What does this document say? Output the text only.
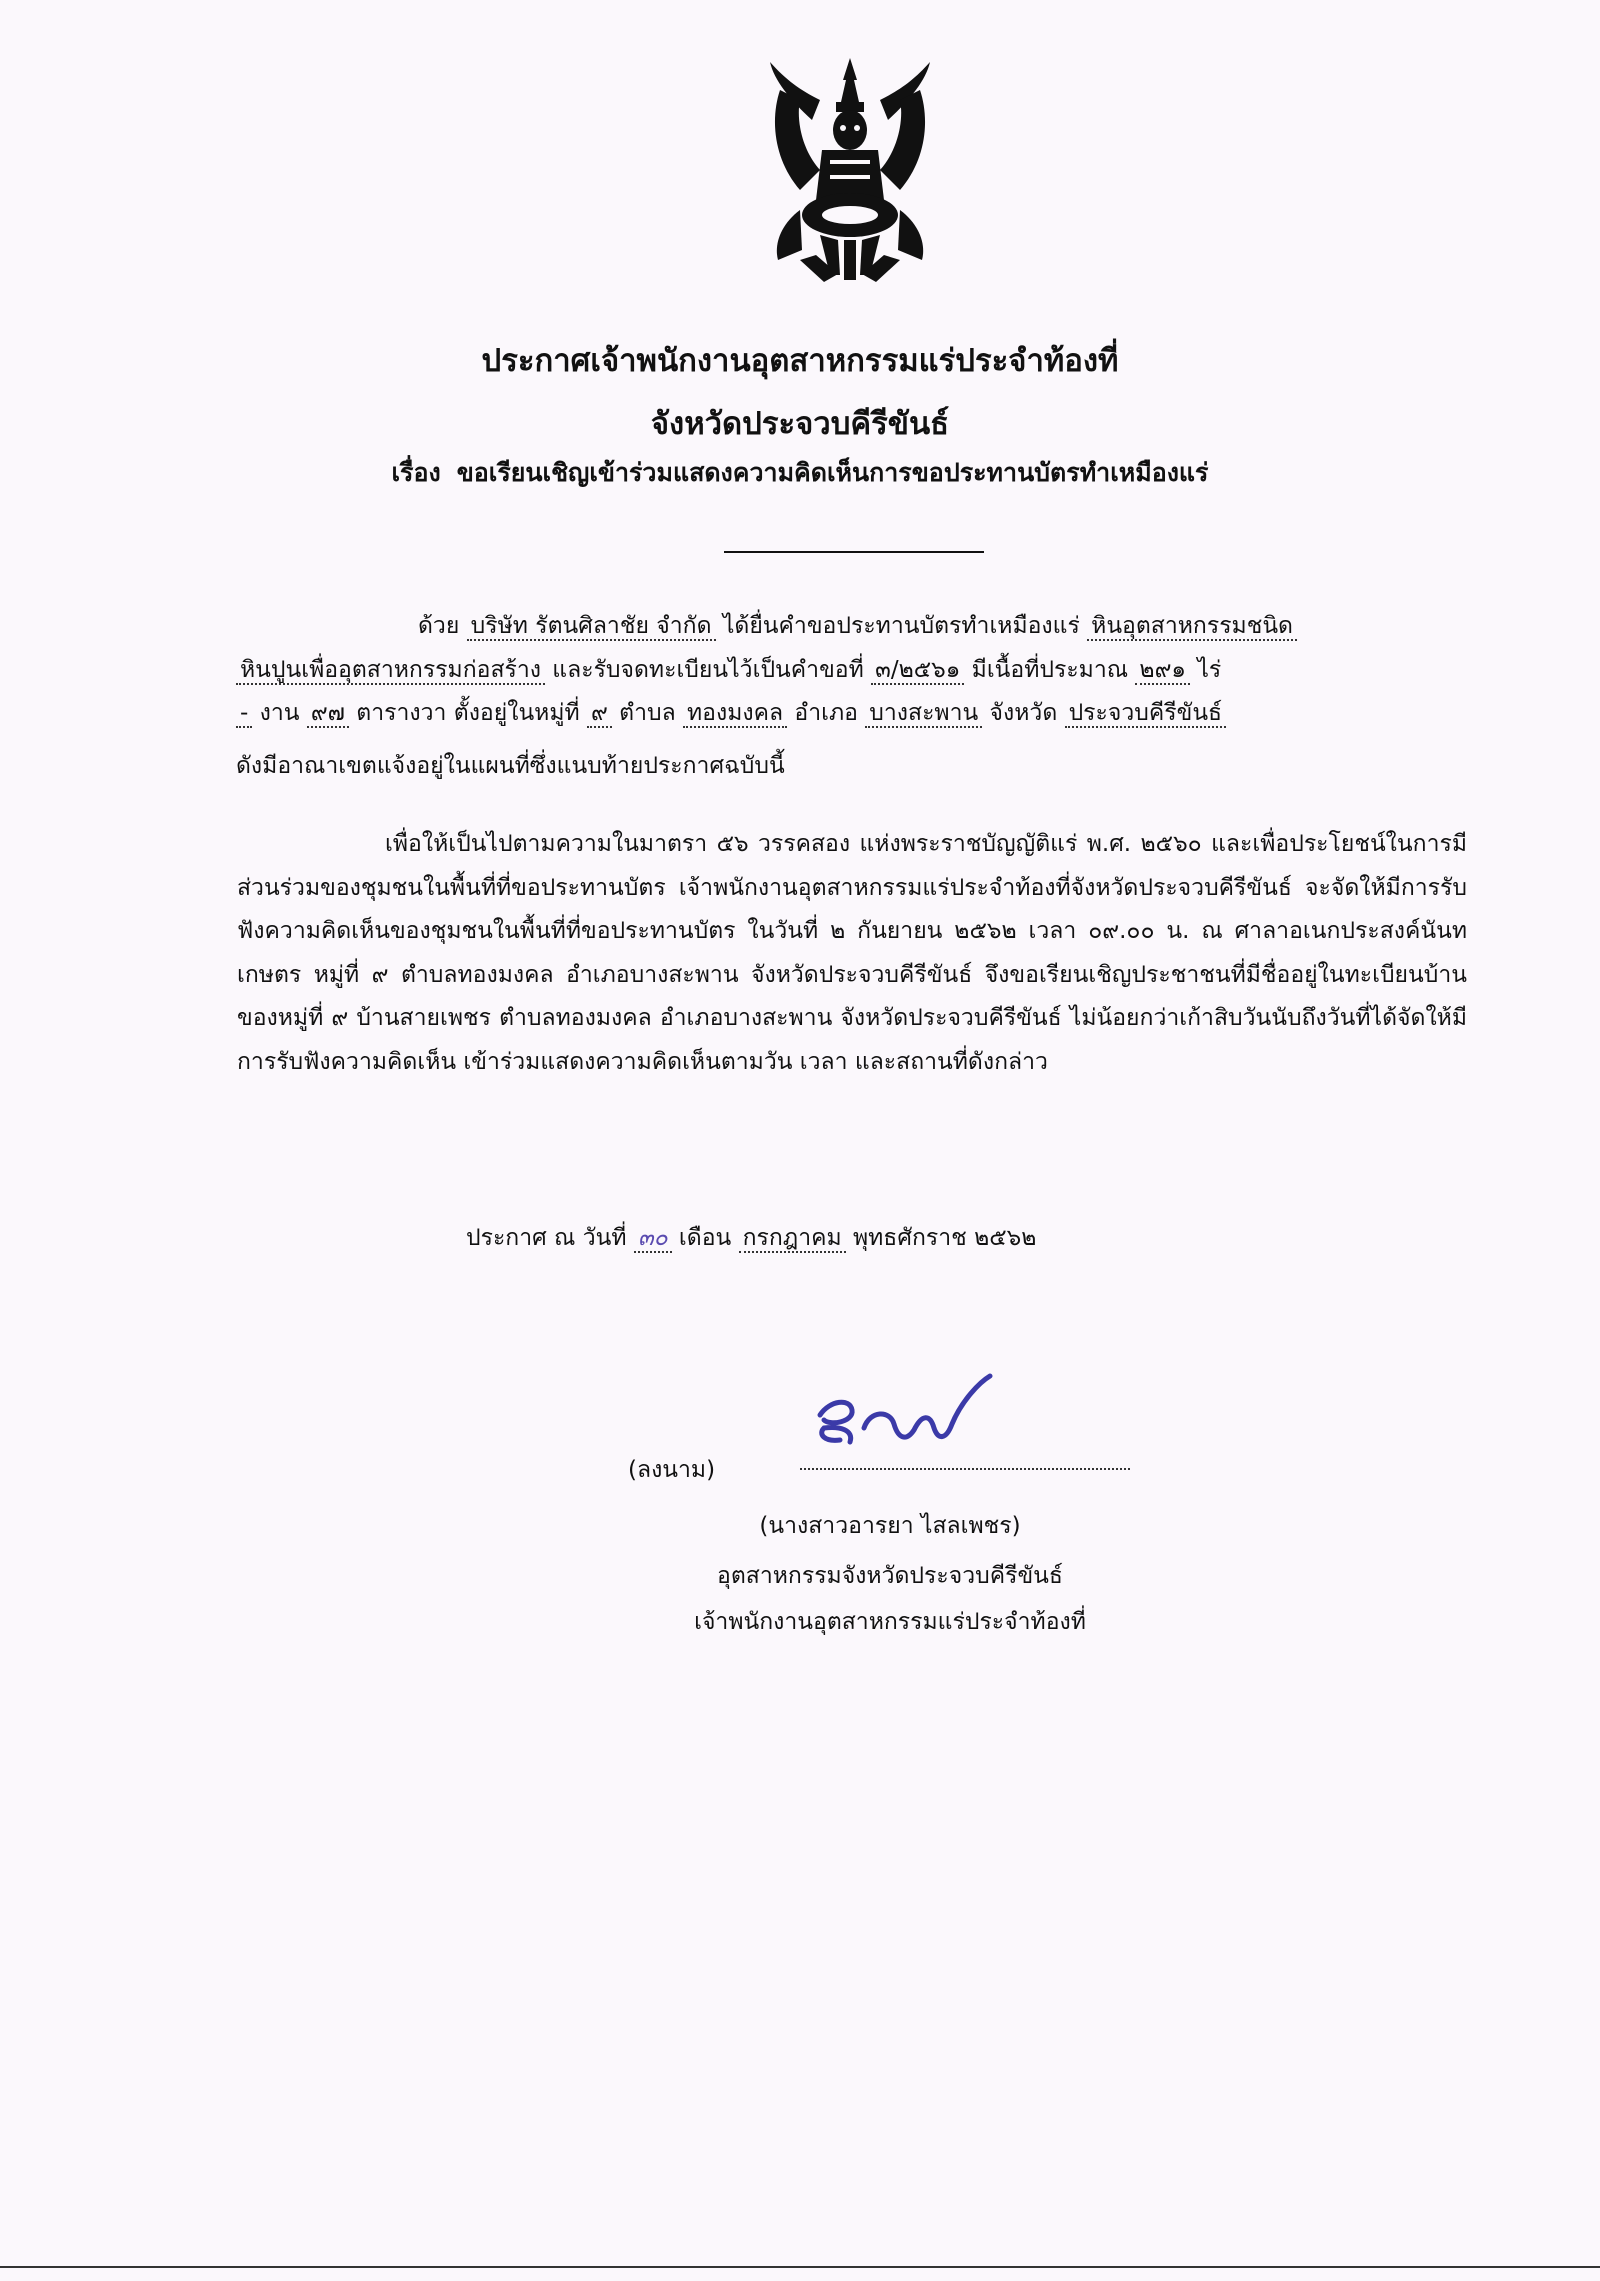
ประกาศเจ้าพนักงานอุตสาหกรรมแร่ประจำท้องที่
จังหวัดประจวบคีรีขันธ์
เรื่อง ขอเรียนเชิญเข้าร่วมแสดงความคิดเห็นการขอประทานบัตรทำเหมืองแร่
ด้วย บริษัท รัตนศิลาชัย จำกัด ได้ยื่นคำขอประทานบัตรทำเหมืองแร่ หินอุตสาหกรรมชนิด
หินปูนเพื่ออุตสาหกรรมก่อสร้าง และรับจดทะเบียนไว้เป็นคำขอที่ ๓/๒๕๖๑ มีเนื้อที่ประมาณ ๒๙๑ ไร่
- งาน ๙๗ ตารางวา ตั้งอยู่ในหมู่ที่ ๙ ตำบล ทองมงคล อำเภอ บางสะพาน จังหวัด ประจวบคีรีขันธ์
ดังมีอาณาเขตแจ้งอยู่ในแผนที่ซึ่งแนบท้ายประกาศฉบับนี้
เพื่อให้เป็นไปตามความในมาตรา ๕๖ วรรคสอง แห่งพระราชบัญญัติแร่ พ.ศ. ๒๕๖๐ และเพื่อประโยชน์ในการมีส่วนร่วมของชุมชนในพื้นที่ที่ขอประทานบัตร เจ้าพนักงานอุตสาหกรรมแร่ประจำท้องที่จังหวัดประจวบคีรีขันธ์ จะจัดให้มีการรับฟังความคิดเห็นของชุมชนในพื้นที่ที่ขอประทานบัตร ในวันที่ ๒ กันยายน ๒๕๖๒ เวลา ๐๙.๐๐ น. ณ ศาลาอเนกประสงค์นันทเกษตร หมู่ที่ ๙ ตำบลทองมงคล อำเภอบางสะพาน จังหวัดประจวบคีรีขันธ์ จึงขอเรียนเชิญประชาชนที่มีชื่ออยู่ในทะเบียนบ้านของหมู่ที่ ๙ บ้านสายเพชร ตำบลทองมงคล อำเภอบางสะพาน จังหวัดประจวบคีรีขันธ์ ไม่น้อยกว่าเก้าสิบวันนับถึงวันที่ได้จัดให้มีการรับฟังความคิดเห็น เข้าร่วมแสดงความคิดเห็นตามวัน เวลา และสถานที่ดังกล่าว
ประกาศ ณ วันที่ ๓๐ เดือน กรกฎาคม พุทธศักราช ๒๕๖๒
(ลงนาม)
(นางสาวอารยา ไสลเพชร)
อุตสาหกรรมจังหวัดประจวบคีรีขันธ์
เจ้าพนักงานอุตสาหกรรมแร่ประจำท้องที่
